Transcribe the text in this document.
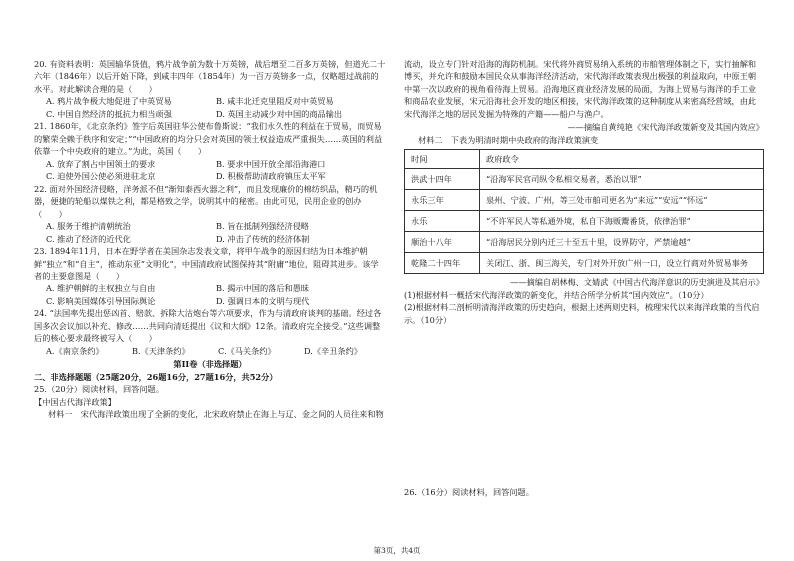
20. 有资料表明：英国输华货值，鸦片战争前为数十万英镑，战后增至二百多万英镑，但道光二十六年（1846年）以后开始下降，到咸丰四年（1854年）为一百万英镑多一点，仅略超过战前的水平。对此解读合理的是（　　）

A. 鸦片战争极大地促进了中英贸易	B. 咸丰北迁克里阻反对中英贸易
C. 中国自然经济的抵抗力相当顽强	D. 英国主动减少对中国的商品输出

21. 1860年，《北京条约》签字后英国驻华公使布鲁斯说：“我们永久性的利益在于贸易，而贸易的繁荣全赖于秩序和安定；”“中国政府的均分只会对英国的领土权益造成严重损失……英国的利益依靠一个中央政府的建立。”为此，英国（　　）

A. 放弃了割占中国领土的要求	B. 要求中国开放全部沿海港口
C. 迫使外国公使必须进驻北京	D. 积极帮助清政府镇压太平军

22. 面对外国经济侵略，洋务派不但“渐知泰西火器之利”，而且发现廉价的棉纺织品，精巧的机器，便捷的轮船以煤铁之利，都是格致之学，说明其中的秘密。由此可见，民用企业的创办（　　）

A. 服务于维护清朝统治	B. 旨在抵制列强经济侵略
C. 推动了经济的近代化	D. 冲击了传统的经济体制

23. 1894年11月，日本在野学者在美国杂志发表文章，将甲午战争的原因归结为日本维护朝鲜“独立”和“自主”，推动东亚“文明化”，中国清政府试图保持其“附庸”地位，阻碍其进步。该学者的主要意图是（　　）

A. 维护朝鲜的主权独立与自由	B. 揭示中国的落后和愚昧
C. 影响美国媒体引导国际舆论	D. 强调日本的文明与现代

24. “法国率先提出惩凶首、赔款、拆除大沽炮台等六项要求，作为与清政府谈判的基础。经过各国多次会议加以补充、修改……共同向清廷提出《议和大纲》12条。清政府完全接受。”这些调整后的核心要求最终被写入（　　）

A.《南京条约》	B.《天津条约》	C.《马关条约》	D.《辛丑条约》

第II卷（非选择题）

二、非选择题题（25题20分，26题16分，27题16分，共52分）

25.（20分）阅读材料，回答问题。

【中国古代海洋政策】

材料一　宋代海洋政策出现了全新的变化，北宋政府禁止在海上与辽、金之间的人员往来和物

流动，设立专门针对沿海的海防机制。宋代将外商贸易纳入系统的市舶管理体制之下，实行抽解和博买，并允许和鼓励本国民众从事海洋经济活动，宋代海洋政策表现出极强的利益取向，中原王朝中第一次以政府的视角看待海上贸易。沿海地区商业经济发展的局面，为海上贸易与海洋的手工业和商品农业发展，宋元沿海社会开发的地区相接，宋代海洋政策的这种制度从来密高经营域，由此宋代海洋之地的居民发掘为特殊的产籍——船户与渔户。

——摘编自黄纯艳《宋代海洋政策新变及其国内效应》

材料二　下表为明清时期中央政府的海洋政策演变

时间	政府政令
洪武十四年	“沿海军民官司纵令私相交易者，悉治以罪”
永乐三年	泉州、宁波、广州，等三处市舶司更名为“来远”“安远”“怀远”
永乐	“不许军民人等私通外境，私自下海贩鬻番货，依律治罪”
顺治十八年	“沿海居民分别内迁三十至五十里，设界防守，严禁逾越”
乾隆二十四年	关闭江、浙、闽三海关，专门对外开放广州一口，设立行商对外贸易事务

——摘编自胡林梅、文婧武《中国古代海洋意识的历史演进及其启示》

(1)根据材料一概括宋代海洋政策的新变化，并结合所学分析其“国内效应”。（10分）

(2)根据材料二剖析明清海洋政策的历史趋向，根据上述两则史料，梳理宋代以来海洋政策的当代启示。（10分）

26.（16分）阅读材料，回答问题。

第3页，共4页
